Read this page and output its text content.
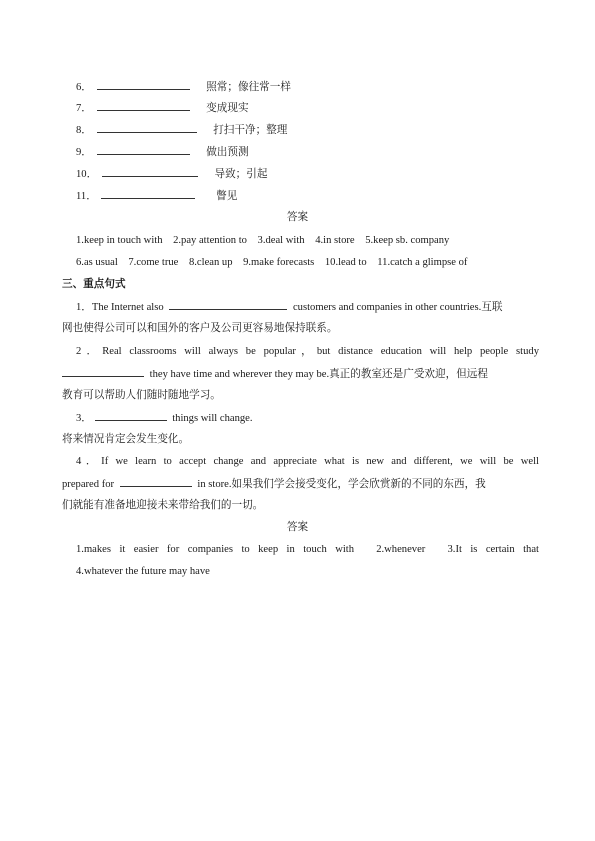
6．	照常；像往常一样
7．	变成现实
8．	打扫干净；整理
9．	做出预测
10．	导致；引起
11．	瞥见
答案
1.keep in touch with　2.pay attention to　3.deal with　4.in store　5.keep sb. company
6.as usual　7.come true　8.clean up　9.make forecasts　10.lead to　11.catch a glimpse of
三、重点句式
1．The Internet also	customers and companies in other countries.互联
网也使得公司可以和国外的客户及公司更容易地保持联系。
2．Real classrooms will always be popular，but distance education will help people study
they have time and wherever they may be.真正的教室还是广受欢迎，但远程
教育可以帮助人们随时随地学习。
3．	things will change.
将来情况肯定会发生变化。
4．If we learn to accept change and appreciate what is new and different, we will be well
prepared for	in store.如果我们学会接受变化，学会欣赏新的不同的东西，我
们就能有准备地迎接未来带给我们的一切。
答案
1.makes it easier for companies to keep in touch with　2.whenever　3.It is certain that
4.whatever the future may have
